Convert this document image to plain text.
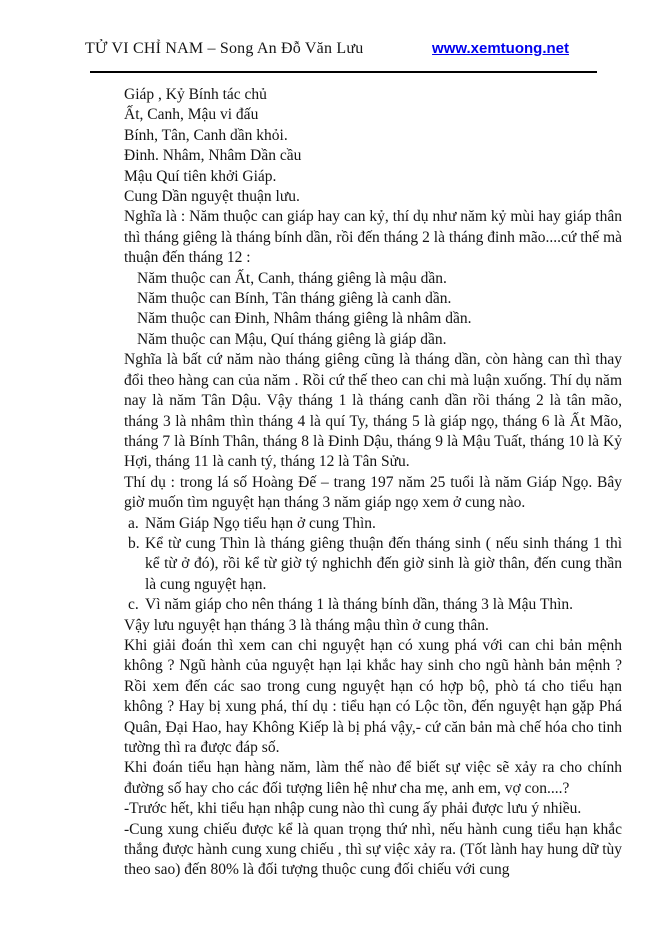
TỬ VI CHỈ NAM – Song An Đỗ Văn Lưu	www.xemtuong.net
Giáp , Kỷ Bính tác chủ
Ất, Canh, Mậu vi đấu
Bính, Tân, Canh dần khỏi.
Đinh. Nhâm, Nhâm Dần cầu
Mậu Quí tiên khởi Giáp.
Cung Dần nguyệt thuận lưu.

Nghĩa là : Năm thuộc can giáp hay can kỷ, thí dụ như năm kỷ mùi hay giáp thân thì tháng giêng là tháng bính dần, rồi đến tháng 2 là tháng đinh mão....cứ thế mà thuận đến tháng 12 :

Năm thuộc can Ất, Canh, tháng giêng là mậu dần.
Năm thuộc can Bính, Tân tháng giêng là canh dần.
Năm thuộc can Đinh, Nhâm tháng giêng là nhâm dần.
Năm thuộc can Mậu, Quí tháng giêng là giáp dần.

Nghĩa là bất cứ năm nào tháng giêng cũng là tháng dần, còn hàng can thì thay đổi theo hàng can của năm . Rồi cứ thế theo can chi mà luận xuống. Thí dụ năm nay là năm Tân Dậu. Vậy tháng 1 là tháng canh dần rồi tháng 2 là tân mão, tháng 3 là nhâm thìn tháng 4 là quí Ty, tháng 5 là giáp ngọ, tháng 6 là Ất Mão, tháng 7 là Bính Thân, tháng 8 là Đinh Dậu, tháng 9 là Mậu Tuất, tháng 10 là Kỷ Hợi, tháng 11 là canh tý, tháng 12 là Tân Sửu.

Thí dụ : trong lá số Hoàng Đế – trang 197 năm 25 tuổi là năm Giáp Ngọ. Bây giờ muốn tìm nguyệt hạn tháng 3 năm giáp ngọ xem ở cung nào.

a. Năm Giáp Ngọ tiểu hạn ở cung Thìn.
b. Kể từ cung Thìn là tháng giêng thuận đến tháng sinh ( nếu sinh tháng 1 thì kể từ ở đó), rồi kể từ giờ tý nghichh đến giờ sinh là giờ thân, đến cung thần là cung nguyệt hạn.
c. Vì năm giáp cho nên tháng 1 là tháng bính dần, tháng 3 là Mậu Thìn.

Vậy lưu nguyệt hạn tháng 3 là tháng mậu thìn ở cung thân.

Khi giải đoán thì xem can chi nguyệt hạn có xung phá với can chi bản mệnh không ? Ngũ hành của nguyệt hạn lại khắc hay sinh cho ngũ hành bản mệnh ? Rồi xem đến các sao trong cung nguyệt hạn có hợp bộ, phò tá cho tiểu hạn không ? Hay bị xung phá, thí dụ : tiểu hạn có Lộc tồn, đến nguyệt hạn gặp Phá Quân, Đại Hao, hay Không Kiếp là bị phá vậy,- cứ căn bản mà chế hóa cho tinh tường thì ra được đáp số.

Khi đoán tiểu hạn hàng năm, làm thế nào để biết sự việc sẽ xảy ra cho chính đường số hay cho các đối tượng liên hệ như cha mẹ, anh em, vợ con....?

-Trước hết, khi tiểu hạn nhập cung nào thì cung ấy phải được lưu ý nhiều.

-Cung xung chiếu được kể là quan trọng thứ nhì, nếu hành cung tiểu hạn khắc thắng được hành cung xung chiếu , thì sự việc xảy ra. (Tốt lành hay hung dữ tùy theo sao) đến 80% là đối tượng thuộc cung đối chiếu với cung
